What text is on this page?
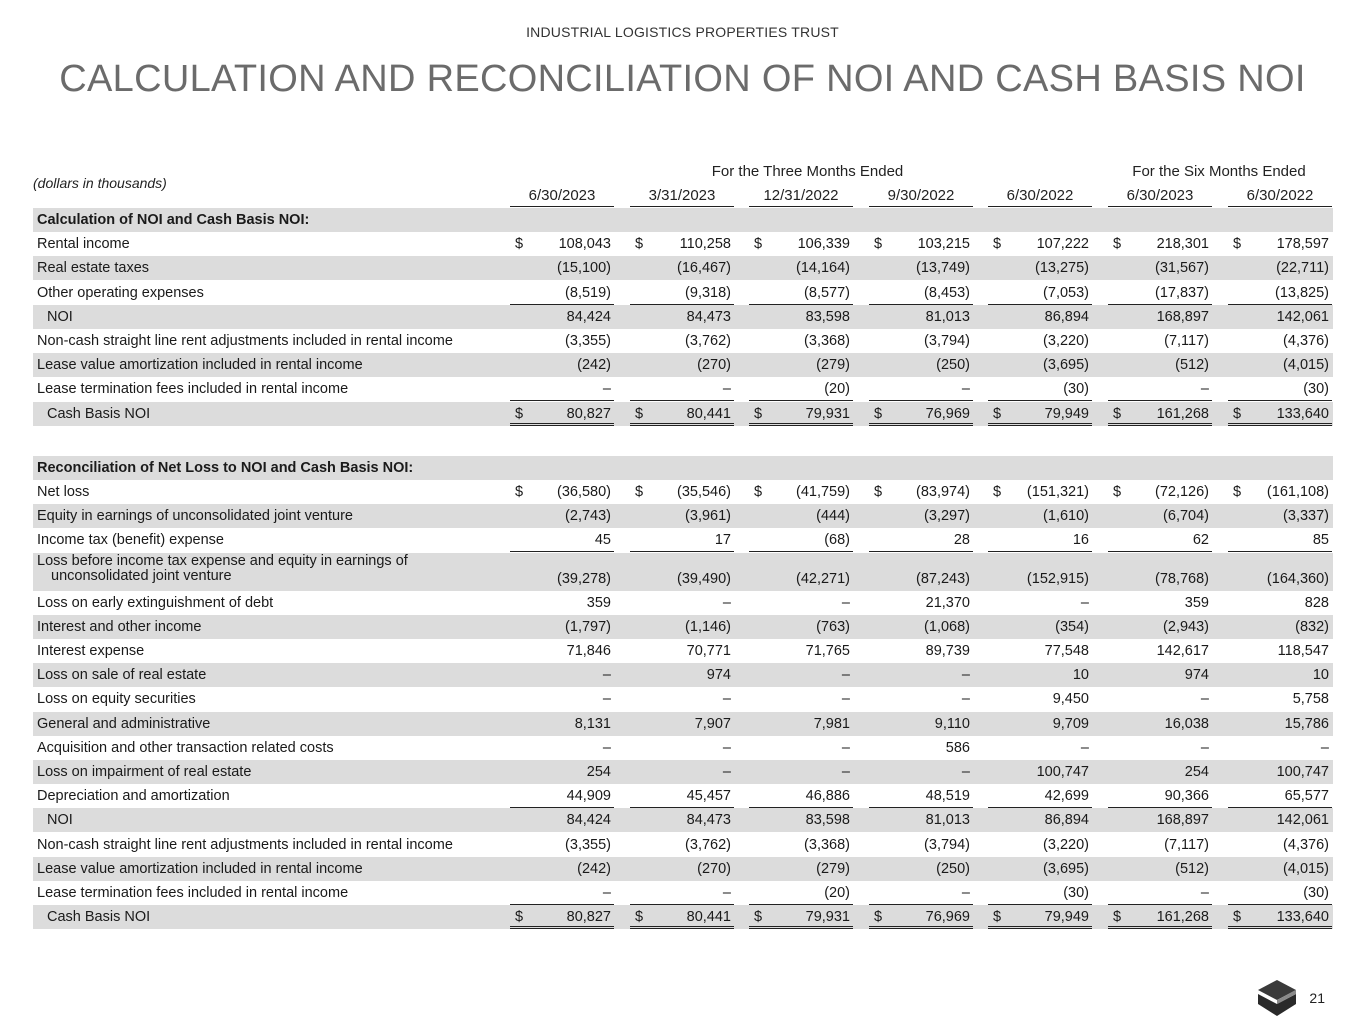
INDUSTRIAL LOGISTICS PROPERTIES TRUST
CALCULATION AND RECONCILIATION OF NOI AND CASH BASIS NOI
(dollars in thousands)
For the Three Months Ended	For the Six Months Ended
6/30/2023	3/31/2023	12/31/2022	9/30/2022	6/30/2022	6/30/2023	6/30/2022
Calculation of NOI and Cash Basis NOI:
Rental income	$ 108,043 $	110,258 $ 106,339 $ 103,215 $ 107,222 $ 218,301 $ 178,597
Real estate taxes	(15,100)	(16,467)	(14,164)	(13,749)	(13,275)	(31,567)	(22,711)
Other operating expenses	(8,519)	(9,318)	(8,577)	(8,453)	(7,053)	(17,837)	(13,825)
NOI	84,424	84,473	83,598	81,013	86,894	168,897	142,061
Non-cash straight line rent adjustments included in rental income	(3,355)	(3,762)	(3,368)	(3,794)	(3,220)	(7,117)	(4,376)
Lease value amortization included in rental income	(242)	(270)	(279)	(250)	(3,695)	(512)	(4,015)
Lease termination fees included in rental income	–	–	(20)	–	(30)	–	(30)
Cash Basis NOI	$	80,827 $	80,441 $	79,931 $	76,969 $	79,949 $ 161,268 $ 133,640
Reconciliation of Net Loss to NOI and Cash Basis NOI:
Net loss	$ (36,580) $ (35,546) $ (41,759) $ (83,974) $ (151,321) $ (72,126) $ (161,108)
Equity in earnings of unconsolidated joint venture	(2,743)	(3,961)	(444)	(3,297)	(1,610)	(6,704)	(3,337)
Income tax (benefit) expense	45	17	(68)	28	16	62	85
Loss before income tax expense and equity in earnings of
unconsolidated joint venture	(39,278)	(39,490)	(42,271)	(87,243)	(152,915)	(78,768)	(164,360)
Loss on early extinguishment of debt	359	–	–	21,370	–	359	828
Interest and other income	(1,797)	(1,146)	(763)	(1,068)	(354)	(2,943)	(832)
Interest expense	71,846	70,771	71,765	89,739	77,548	142,617	118,547
Loss on sale of real estate	–	974	–	–	10	974	10
Loss on equity securities	–	–	–	–	9,450	–	5,758
General and administrative	8,131	7,907	7,981	9,110	9,709	16,038	15,786
Acquisition and other transaction related costs	–	–	–	586	–	–	–
Loss on impairment of real estate	254	–	–	–	100,747	254	100,747
Depreciation and amortization	44,909	45,457	46,886	48,519	42,699	90,366	65,577
NOI	84,424	84,473	83,598	81,013	86,894	168,897	142,061
Non-cash straight line rent adjustments included in rental income	(3,355)	(3,762)	(3,368)	(3,794)	(3,220)	(7,117)	(4,376)
Lease value amortization included in rental income	(242)	(270)	(279)	(250)	(3,695)	(512)	(4,015)
Lease termination fees included in rental income	–	–	(20)	–	(30)	–	(30)
Cash Basis NOI	$	80,827 $	80,441 $	79,931 $	76,969 $	79,949 $ 161,268 $ 133,640
21
